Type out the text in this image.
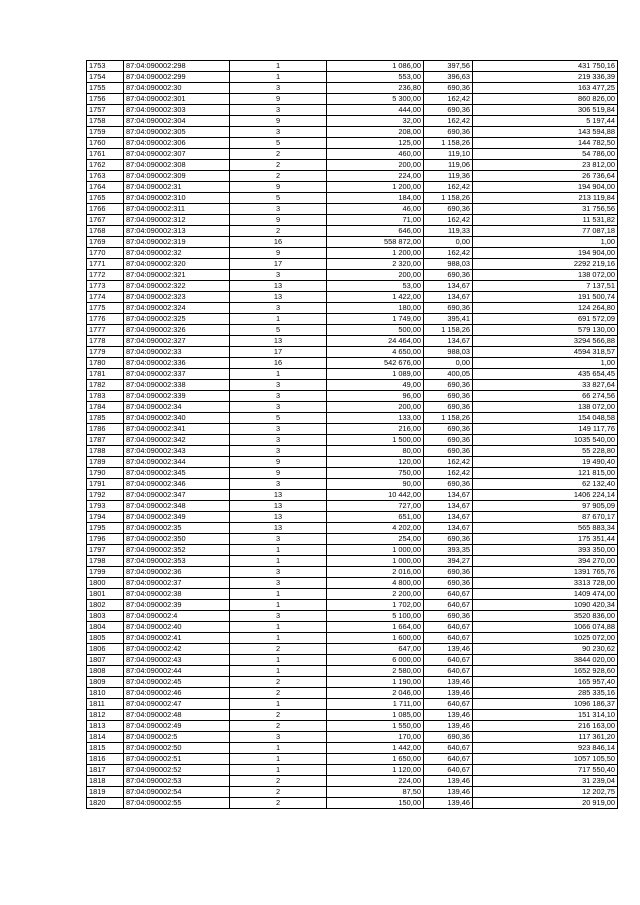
1753	87:04:090002:298	1	1 086,00	397,56	431 750,16
1754	87:04:090002:299	1	553,00	396,63	219 336,39
1755	87:04:090002:30	3	236,80	690,36	163 477,25
1756	87:04:090002:301	9	5 300,00	162,42	860 826,00
1757	87:04:090002:303	3	444,00	690,36	306 519,84
1758	87:04:090002:304	9	32,00	162,42	5 197,44
1759	87:04:090002:305	3	208,00	690,36	143 594,88
1760	87:04:090002:306	5	125,00	1 158,26	144 782,50
1761	87:04:090002:307	2	460,00	119,10	54 786,00
1762	87:04:090002:308	2	200,00	119,06	23 812,00
1763	87:04:090002:309	2	224,00	119,36	26 736,64
1764	87:04:090002:31	9	1 200,00	162,42	194 904,00
1765	87:04:090002:310	5	184,00	1 158,26	213 119,84
1766	87:04:090002:311	3	46,00	690,36	31 756,56
1767	87:04:090002:312	9	71,00	162,42	11 531,82
1768	87:04:090002:313	2	646,00	119,33	77 087,18
1769	87:04:090002:319	16	558 872,00	0,00	1,00
1770	87:04:090002:32	9	1 200,00	162,42	194 904,00
1771	87:04:090002:320	17	2 320,00	988,03	2292 219,16
1772	87:04:090002:321	3	200,00	690,36	138 072,00
1773	87:04:090002:322	13	53,00	134,67	7 137,51
1774	87:04:090002:323	13	1 422,00	134,67	191 500,74
1775	87:04:090002:324	3	180,00	690,36	124 264,80
1776	87:04:090002:325	1	1 749,00	395,41	691 572,09
1777	87:04:090002:326	5	500,00	1 158,26	579 130,00
1778	87:04:090002:327	13	24 464,00	134,67	3294 566,88
1779	87:04:090002:33	17	4 650,00	988,03	4594 318,57
1780	87:04:090002:336	16	542 676,00	0,00	1,00
1781	87:04:090002:337	1	1 089,00	400,05	435 654,45
1782	87:04:090002:338	3	49,00	690,36	33 827,64
1783	87:04:090002:339	3	96,00	690,36	66 274,56
1784	87:04:090002:34	3	200,00	690,36	138 072,00
1785	87:04:090002:340	5	133,00	1 158,26	154 048,58
1786	87:04:090002:341	3	216,00	690,36	149 117,76
1787	87:04:090002:342	3	1 500,00	690,36	1035 540,00
1788	87:04:090002:343	3	80,00	690,36	55 228,80
1789	87:04:090002:344	9	120,00	162,42	19 490,40
1790	87:04:090002:345	9	750,00	162,42	121 815,00
1791	87:04:090002:346	3	90,00	690,36	62 132,40
1792	87:04:090002:347	13	10 442,00	134,67	1406 224,14
1793	87:04:090002:348	13	727,00	134,67	97 905,09
1794	87:04:090002:349	13	651,00	134,67	87 670,17
1795	87:04:090002:35	13	4 202,00	134,67	565 883,34
1796	87:04:090002:350	3	254,00	690,36	175 351,44
1797	87:04:090002:352	1	1 000,00	393,35	393 350,00
1798	87:04:090002:353	1	1 000,00	394,27	394 270,00
1799	87:04:090002:36	3	2 016,00	690,36	1391 765,76
1800	87:04:090002:37	3	4 800,00	690,36	3313 728,00
1801	87:04:090002:38	1	2 200,00	640,67	1409 474,00
1802	87:04:090002:39	1	1 702,00	640,67	1090 420,34
1803	87:04:090002:4	3	5 100,00	690,36	3520 836,00
1804	87:04:090002:40	1	1 664,00	640,67	1066 074,88
1805	87:04:090002:41	1	1 600,00	640,67	1025 072,00
1806	87:04:090002:42	2	647,00	139,46	90 230,62
1807	87:04:090002:43	1	6 000,00	640,67	3844 020,00
1808	87:04:090002:44	1	2 580,00	640,67	1652 928,60
1809	87:04:090002:45	2	1 190,00	139,46	165 957,40
1810	87:04:090002:46	2	2 046,00	139,46	285 335,16
1811	87:04:090002:47	1	1 711,00	640,67	1096 186,37
1812	87:04:090002:48	2	1 085,00	139,46	151 314,10
1813	87:04:090002:49	2	1 550,00	139,46	216 163,00
1814	87:04:090002:5	3	170,00	690,36	117 361,20
1815	87:04:090002:50	1	1 442,00	640,67	923 846,14
1816	87:04:090002:51	1	1 650,00	640,67	1057 105,50
1817	87:04:090002:52	1	1 120,00	640,67	717 550,40
1818	87:04:090002:53	2	224,00	139,46	31 239,04
1819	87:04:090002:54	2	87,50	139,46	12 202,75
1820	87:04:090002:55	2	150,00	139,46	20 919,00
